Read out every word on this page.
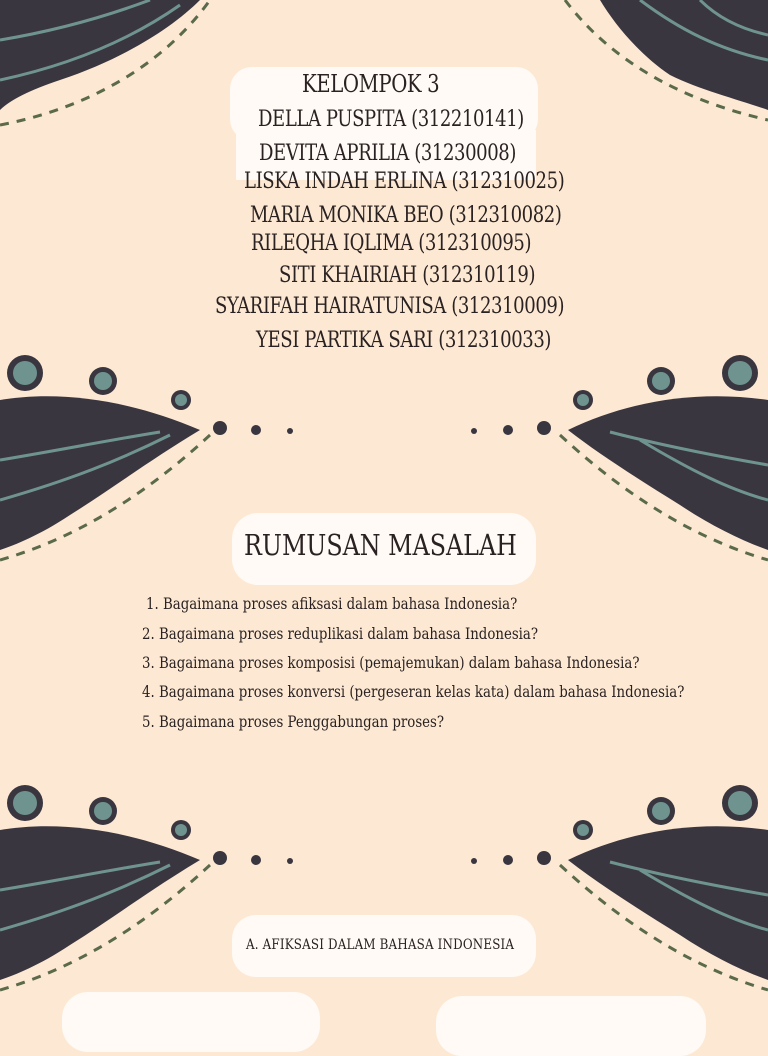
KELOMPOK 3
DELLA PUSPITA (312210141)
DEVITA APRILIA (31230008)
LISKA INDAH ERLINA (312310025)
MARIA MONIKA BEO (312310082)
RILEQHA IQLIMA (312310095)
SITI KHAIRIAH (312310119)
SYARIFAH HAIRATUNISA (312310009)
YESI PARTIKA SARI (312310033)
RUMUSAN MASALAH
1. Bagaimana proses afiksasi dalam bahasa Indonesia?
2. Bagaimana proses reduplikasi dalam bahasa Indonesia?
3. Bagaimana proses komposisi (pemajemukan) dalam bahasa Indonesia?
4. Bagaimana proses konversi (pergeseran kelas kata) dalam bahasa Indonesia?
5. Bagaimana proses Penggabungan proses?
A. AFIKSASI DALAM BAHASA INDONESIA
